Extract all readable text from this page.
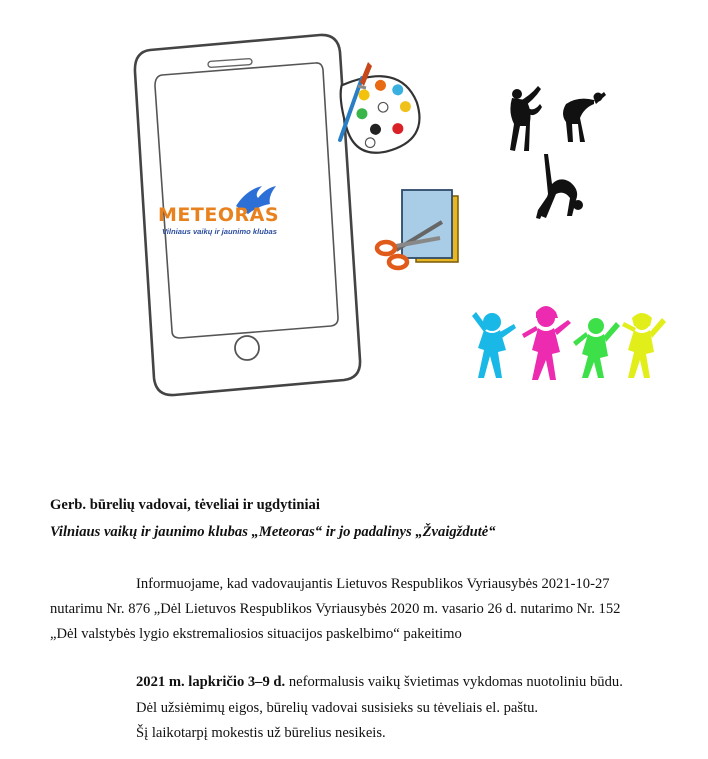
METEORAS
Vilniaus vaikų ir jaunimo klubas
Gerb. būrelių vadovai, tėveliai ir ugdytiniai
Vilniaus vaikų ir jaunimo klubas „Meteoras“ ir jo padalinys „Žvaigždutė“
Informuojame, kad vadovaujantis Lietuvos Respublikos Vyriausybės 2021-10-27
nutarimu Nr. 876 „Dėl Lietuvos Respublikos Vyriausybės 2020 m. vasario 26 d. nutarimo Nr. 152
„Dėl valstybės lygio ekstremaliosios situacijos paskelbimo“ pakeitimo
2021 m. lapkričio 3–9 d. neformalusis vaikų švietimas vykdomas nuotoliniu būdu.
Dėl užsiėmimų eigos, būrelių vadovai susisieks su tėveliais el. paštu.
Šį laikotarpį mokestis už būrelius nesikeis.
